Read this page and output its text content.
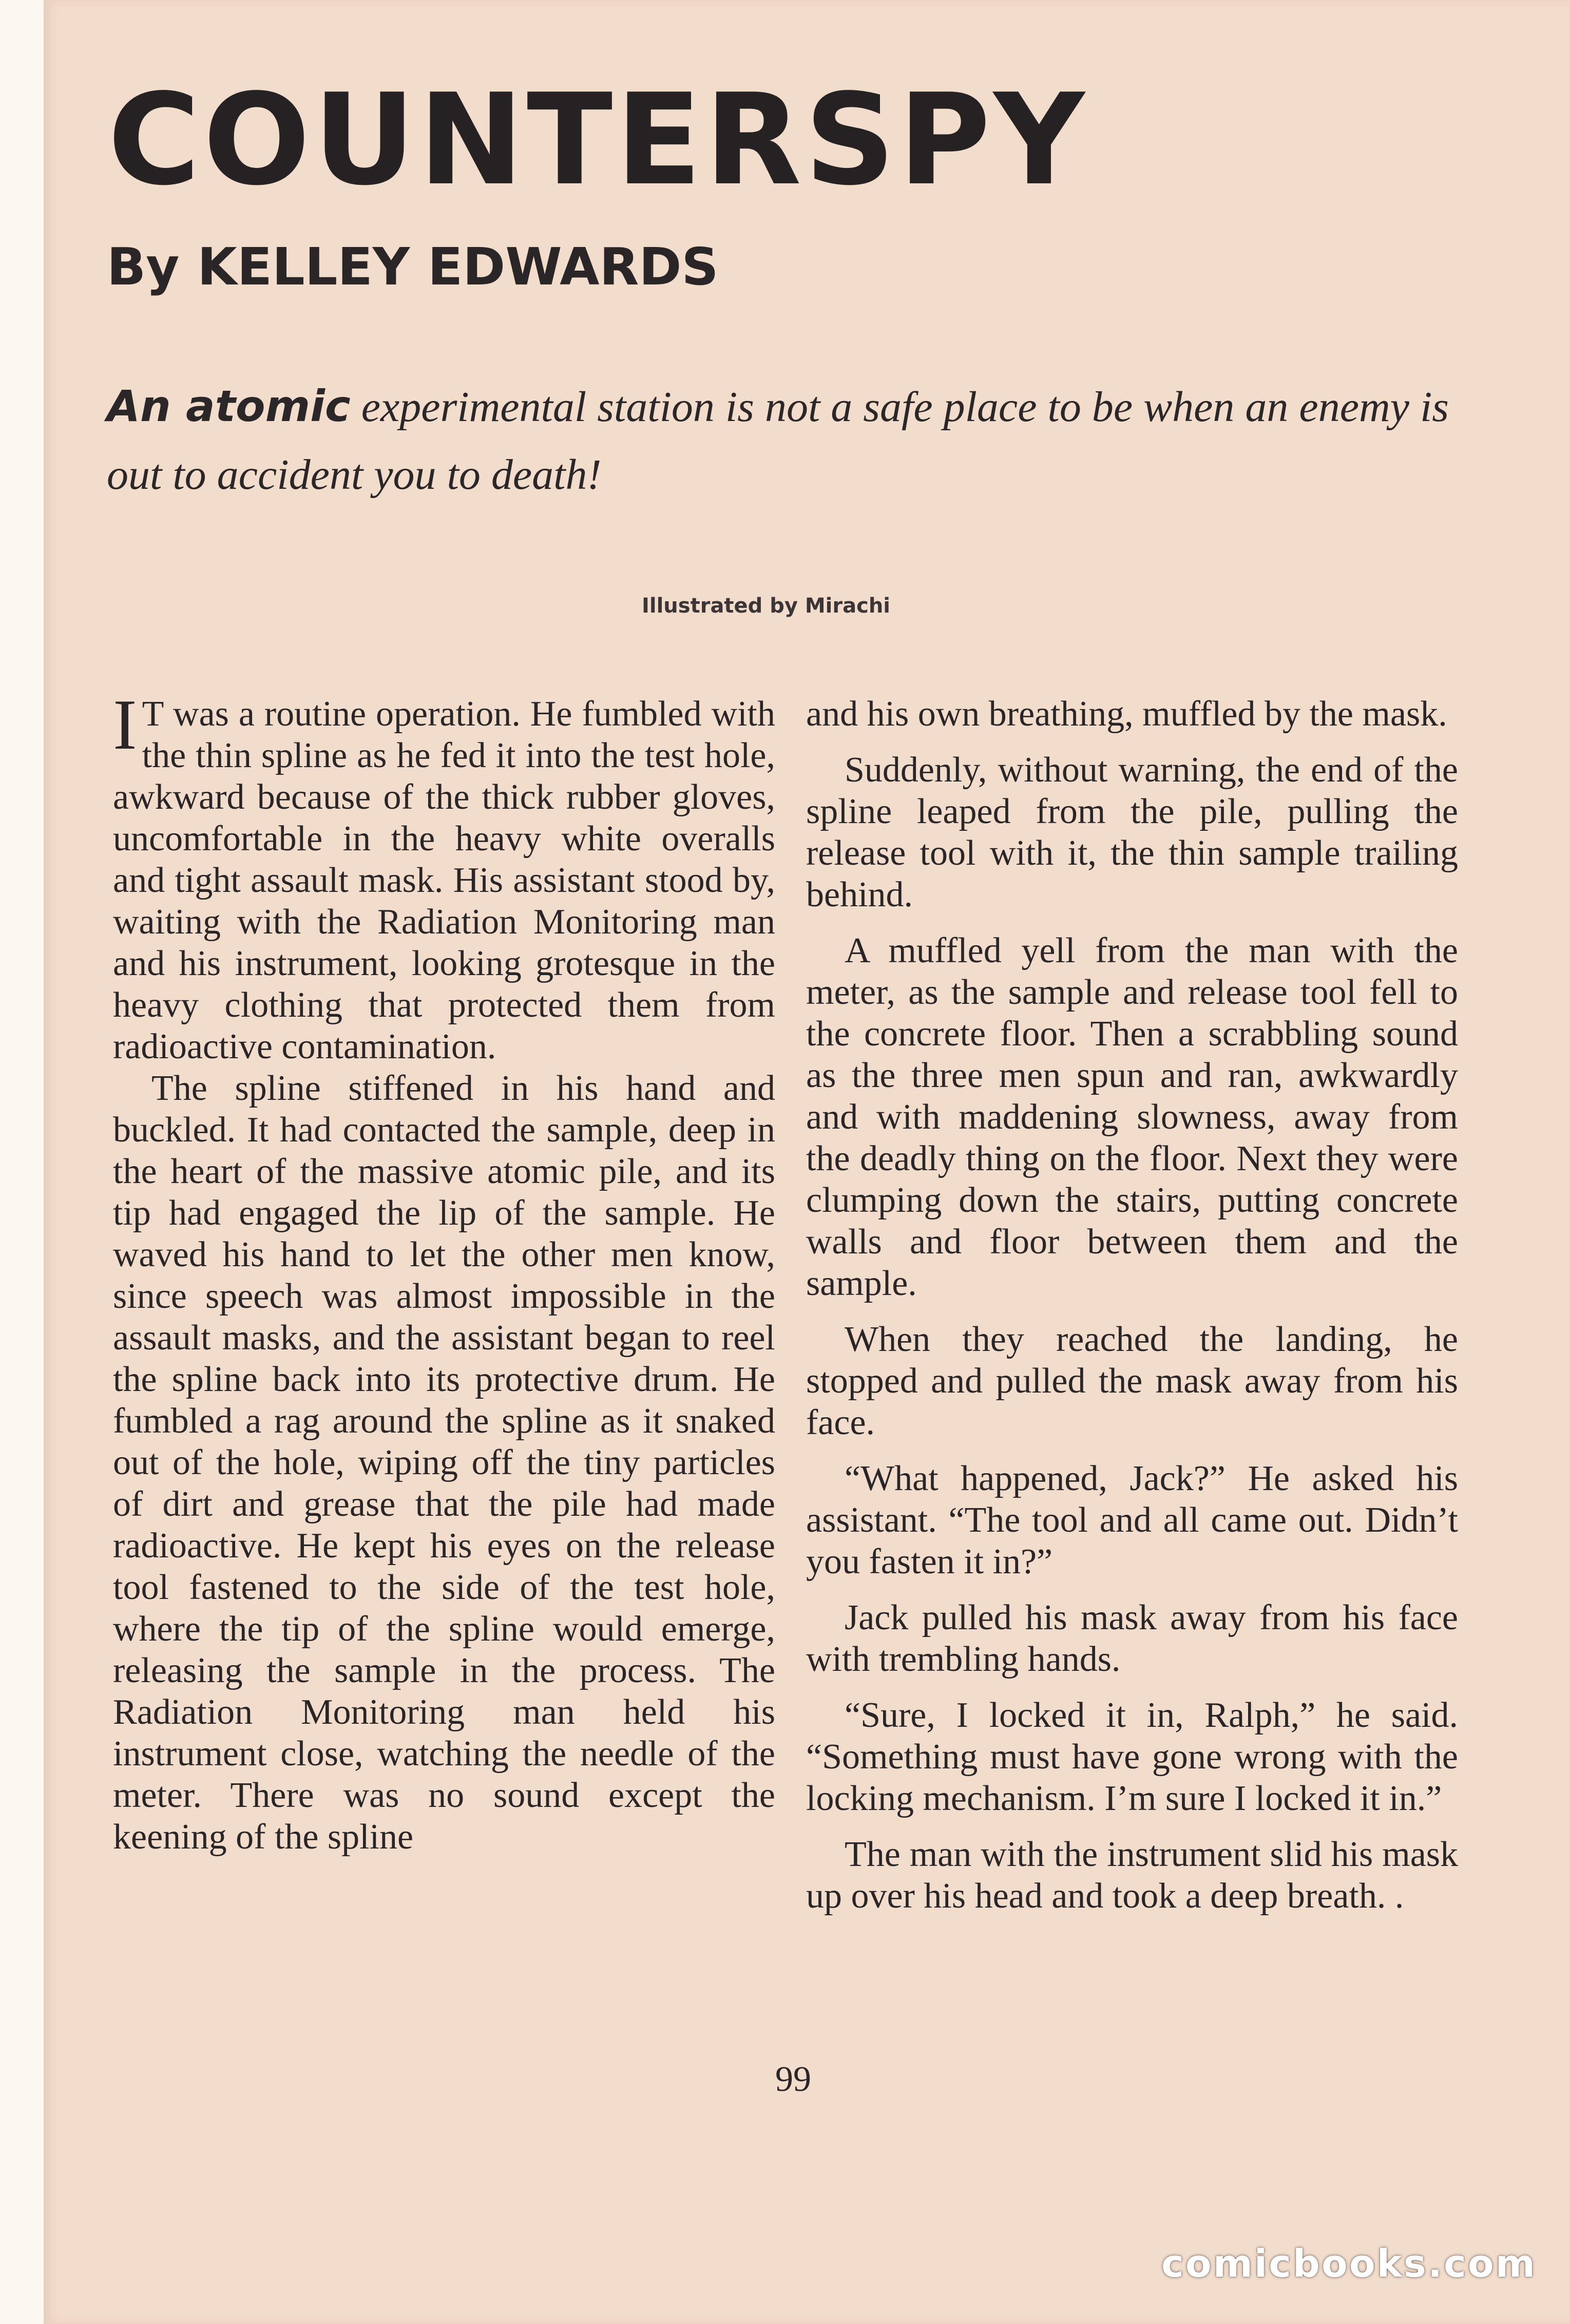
COUNTERSPY
By KELLEY EDWARDS

An atomic experimental station is not a safe place to be when an enemy is out to accident you to death!

Illustrated by Mirachi

I T was a routine operation. He fumbled with the thin spline as he fed it into the test hole, awkward because of the thick rubber gloves, uncomfortable in the heavy white overalls and tight assault mask. His assistant stood by, waiting with the Radiation Monitoring man and his instrument, looking grotesque in the heavy clothing that protected them from radioactive contamination.

The spline stiffened in his hand and buckled. It had contacted the sample, deep in the heart of the massive atomic pile, and its tip had engaged the lip of the sample. He waved his hand to let the other men know, since speech was almost impossible in the assault masks, and the assistant began to reel the spline back into its protective drum. He fumbled a rag around the spline as it snaked out of the hole, wiping off the tiny particles of dirt and grease that the pile had made radioactive. He kept his eyes on the release tool fastened to the side of the test hole, where the tip of the spline would emerge, releasing the sample in the process. The Radiation Monitoring man held his instrument close, watching the needle of the meter. There was no sound except the keening of the spline

and his own breathing, muffled by the mask.

Suddenly, without warning, the end of the spline leaped from the pile, pulling the release tool with it, the thin sample trailing behind.

A muffled yell from the man with the meter, as the sample and release tool fell to the concrete floor. Then a scrabbling sound as the three men spun and ran, awkwardly and with maddening slowness, away from the deadly thing on the floor. Next they were clumping down the stairs, putting concrete walls and floor between them and the sample.

When they reached the landing, he stopped and pulled the mask away from his face.

“What happened, Jack?” He asked his assistant. “The tool and all came out. Didn’t you fasten it in?”

Jack pulled his mask away from his face with trembling hands.

“Sure, I locked it in, Ralph,” he said. “Something must have gone wrong with the locking mechanism. I’m sure I locked it in.”

The man with the instrument slid his mask up over his head and took a deep breath. .

99

comicbooks.com
